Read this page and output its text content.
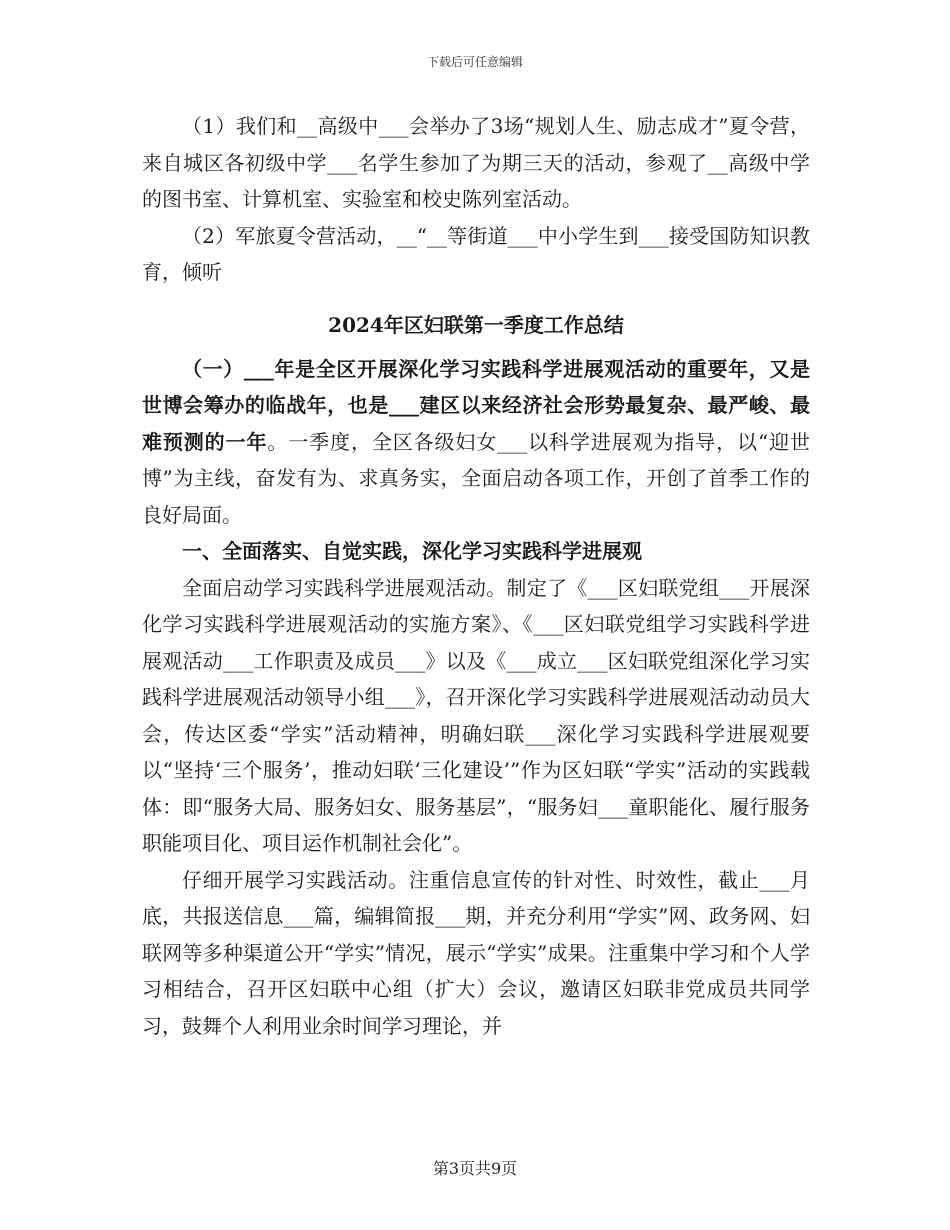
下载后可任意编辑

（1）我们和__高级中___会举办了3场“规划人生、励志成才”夏令营，来自城区各初级中学___名学生参加了为期三天的活动，参观了__高级中学的图书室、计算机室、实验室和校史陈列室活动。

（2）军旅夏令营活动，__“__等街道___中小学生到___接受国防知识教育，倾听

2024年区妇联第一季度工作总结

（一）___年是全区开展深化学习实践科学进展观活动的重要年，又是世博会筹办的临战年，也是___建区以来经济社会形势最复杂、最严峻、最难预测的一年。一季度，全区各级妇女___以科学进展观为指导，以“迎世博”为主线，奋发有为、求真务实，全面启动各项工作，开创了首季工作的良好局面。

一、全面落实、自觉实践，深化学习实践科学进展观

全面启动学习实践科学进展观活动。制定了《___区妇联党组___开展深化学习实践科学进展观活动的实施方案》、《___区妇联党组学习实践科学进展观活动___工作职责及成员___》以及《___成立___区妇联党组深化学习实践科学进展观活动领导小组___》，召开深化学习实践科学进展观活动动员大会，传达区委“学实”活动精神，明确妇联___深化学习实践科学进展观要以“坚持‘三个服务’，推动妇联‘三化建设’”作为区妇联“学实”活动的实践载体：即“服务大局、服务妇女、服务基层”，“服务妇___童职能化、履行服务职能项目化、项目运作机制社会化”。

仔细开展学习实践活动。注重信息宣传的针对性、时效性，截止___月底，共报送信息___篇，编辑简报___期，并充分利用“学实”网、政务网、妇联网等多种渠道公开“学实”情况，展示“学实”成果。注重集中学习和个人学习相结合，召开区妇联中心组（扩大）会议，邀请区妇联非党成员共同学习，鼓舞个人利用业余时间学习理论，并

第3页共9页
